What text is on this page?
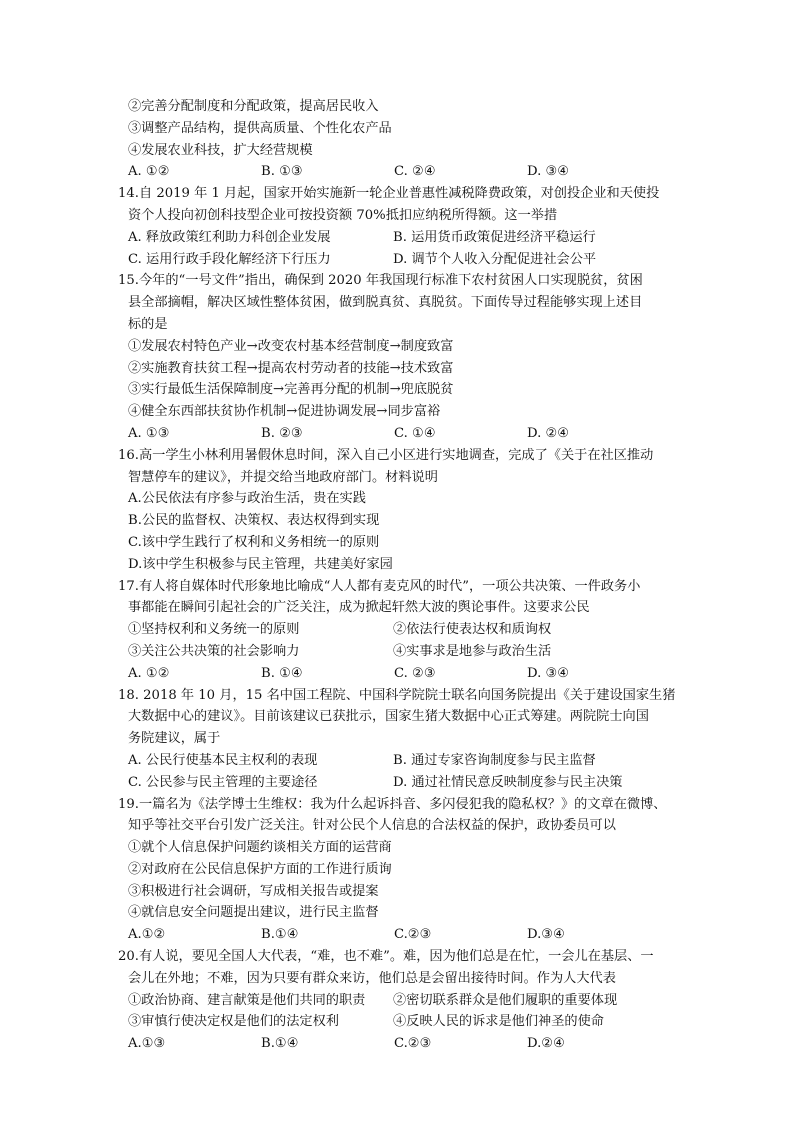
②完善分配制度和分配政策，提高居民收入
③调整产品结构，提供高质量、个性化农产品
④发展农业科技，扩大经营规模
A. ①②	B. ①③	C. ②④	D. ③④
14.自 2019 年 1 月起，国家开始实施新一轮企业普惠性减税降费政策，对创投企业和天使投
资个人投向初创科技型企业可按投资额 70%抵扣应纳税所得额。这一举措
A. 释放政策红利助力科创企业发展	B. 运用货币政策促进经济平稳运行
C. 运用行政手段化解经济下行压力	D. 调节个人收入分配促进社会公平
15.今年的“一号文件”指出，确保到 2020 年我国现行标准下农村贫困人口实现脱贫，贫困
县全部摘帽，解决区域性整体贫困，做到脱真贫、真脱贫。下面传导过程能够实现上述目
标的是
①发展农村特色产业→改变农村基本经营制度→制度致富
②实施教育扶贫工程→提高农村劳动者的技能→技术致富
③实行最低生活保障制度→完善再分配的机制→兜底脱贫
④健全东西部扶贫协作机制→促进协调发展→同步富裕
A. ①③	B. ②③	C. ①④	D. ②④
16.高一学生小林利用暑假休息时间，深入自己小区进行实地调查，完成了《关于在社区推动
智慧停车的建议》，并提交给当地政府部门。材料说明
A.公民依法有序参与政治生活，贵在实践
B.公民的监督权、决策权、表达权得到实现
C.该中学生践行了权利和义务相统一的原则
D.该中学生积极参与民主管理，共建美好家园
17.有人将自媒体时代形象地比喻成“人人都有麦克风的时代”，一项公共决策、一件政务小
事都能在瞬间引起社会的广泛关注，成为掀起轩然大波的舆论事件。这要求公民
①坚持权利和义务统一的原则	②依法行使表达权和质询权
③关注公共决策的社会影响力	④实事求是地参与政治生活
A. ①②	B. ①④	C. ②③	D. ③④
18. 2018 年 10 月，15 名中国工程院、中国科学院院士联名向国务院提出《关于建设国家生猪
大数据中心的建议》。目前该建议已获批示，国家生猪大数据中心正式筹建。两院院士向国
务院建议，属于
A. 公民行使基本民主权利的表现	B. 通过专家咨询制度参与民主监督
C. 公民参与民主管理的主要途径	D. 通过社情民意反映制度参与民主决策
19.一篇名为《法学博士生维权：我为什么起诉抖音、多闪侵犯我的隐私权？》的文章在微博、
知乎等社交平台引发广泛关注。针对公民个人信息的合法权益的保护，政协委员可以
①就个人信息保护问题约谈相关方面的运营商
②对政府在公民信息保护方面的工作进行质询
③积极进行社会调研，写成相关报告或提案
④就信息安全问题提出建议，进行民主监督
A.①②	B.①④	C.②③	D.③④
20.有人说，要见全国人大代表，“难，也不难”。难，因为他们总是在忙，一会儿在基层、一
会儿在外地；不难，因为只要有群众来访，他们总是会留出接待时间。作为人大代表
①政治协商、建言献策是他们共同的职责	②密切联系群众是他们履职的重要体现
③审慎行使决定权是他们的法定权利	④反映人民的诉求是他们神圣的使命
A.①③	B.①④	C.②③	D.②④
